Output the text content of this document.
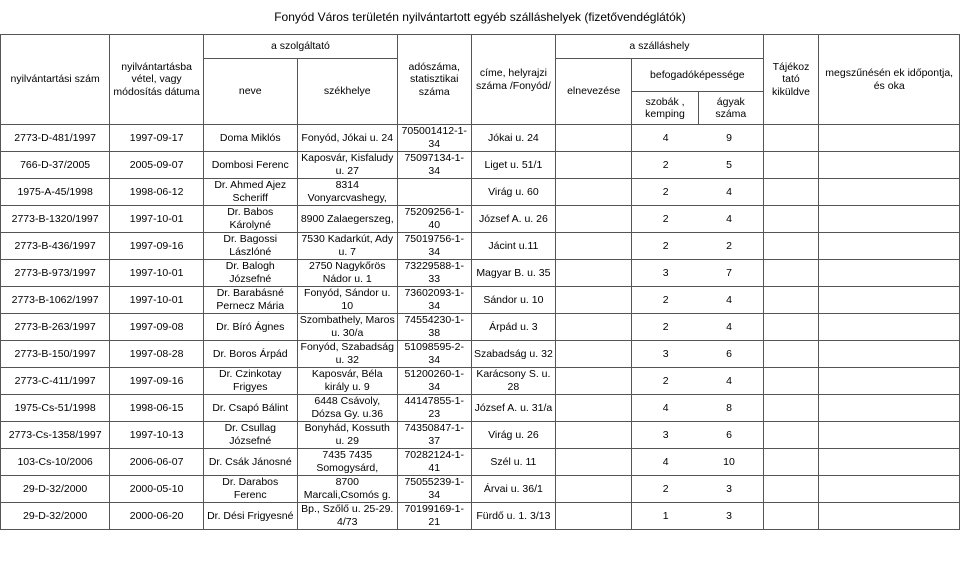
Fonyód Város területén nyilvántartott egyéb szálláshelyek (fizetővendéglátók)
nyilvántartási szám	nyilvántartásba vétel, vagy módosítás dátuma	a szolgáltató		adószáma, statisztikai száma	címe, helyrajzi száma /Fonyód/	a szálláshely			Tájékoz tató kiküldve	megszűnésén ek időpontja, és oka
		neve	székhelye			elnevezése	befogadóképessége			
							szobák , kemping	ágyak száma		
2773-D-481/1997	1997-09-17	Doma Miklós	Fonyód, Jókai u. 24	705001412-1-34	Jókai u. 24		4 9			
766-D-37/2005	2005-09-07	Dombosi Ferenc	Kaposvár, Kisfaludy u. 27	75097134-1-34	Liget u. 51/1		2 5			
1975-A-45/1998	1998-06-12	Dr. Ahmed Ajez Scheriff	8314 Vonyarcvashegy,		Virág u. 60		2 4			
2773-B-1320/1997	1997-10-01	Dr. Babos Károlyné	8900 Zalaegerszeg,	75209256-1-40	József A. u. 26		2 4			
2773-B-436/1997	1997-09-16	Dr. Bagossi Lászlóné	7530 Kadarkút, Ady u. 7	75019756-1-34	Jácint u.11		2 2			
2773-B-973/1997	1997-10-01	Dr. Balogh Józsefné	2750 Nagykőrös Nádor u. 1	73229588-1-33	Magyar B. u. 35		3 7			
2773-B-1062/1997	1997-10-01	Dr. Barabásné Pernecz Mária	Fonyód, Sándor u. 10	73602093-1-34	Sándor u. 10		2 4			
2773-B-263/1997	1997-09-08	Dr. Bíró Ágnes	Szombathely, Maros u. 30/a	74554230-1-38	Árpád u. 3		2 4			
2773-B-150/1997	1997-08-28	Dr. Boros Árpád	Fonyód, Szabadság u. 32	51098595-2-34	Szabadság u. 32		3 6			
2773-C-411/1997	1997-09-16	Dr. Czinkotay Frigyes	Kaposvár, Béla király u. 9	51200260-1-34	Karácsony S. u. 28		2 4			
1975-Cs-51/1998	1998-06-15	Dr. Csapó Bálint	6448 Csávoly, Dózsa Gy. u.36	44147855-1-23	József A. u. 31/a		4 8			
2773-Cs-1358/1997	1997-10-13	Dr. Csullag Józsefné	Bonyhád, Kossuth u. 29	74350847-1-37	Virág u. 26		3 6			
103-Cs-10/2006	2006-06-07	Dr. Csák Jánosné	7435 7435 Somogysárd,	70282124-1-41	Szél u. 11		4 10			
29-D-32/2000	2000-05-10	Dr. Darabos Ferenc	8700 Marcali,Csomós g.	75055239-1-34	Árvai u. 36/1		2 3			
29-D-32/2000	2000-06-20	Dr. Dési Frigyesné	Bp., Szőlő u. 25-29. 4/73	70199169-1-21	Fürdő u. 1. 3/13		1 3			
